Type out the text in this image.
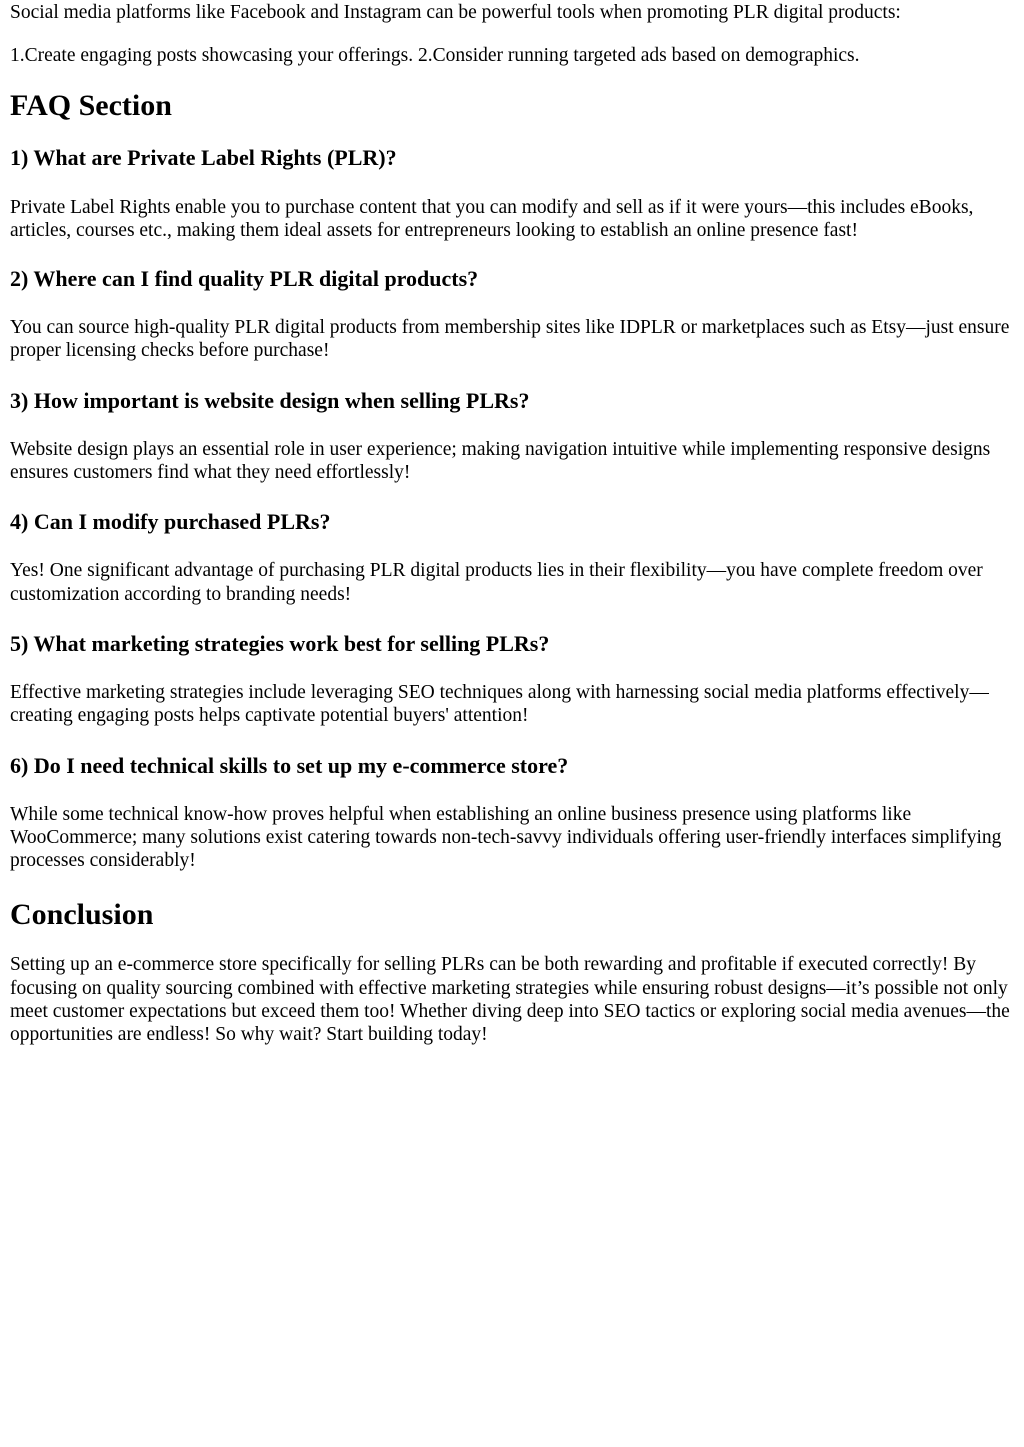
Social media platforms like Facebook and Instagram can be powerful tools when promoting PLR digital products:

1.Create engaging posts showcasing your offerings. 2.Consider running targeted ads based on demographics.

FAQ Section
1) What are Private Label Rights (PLR)?

Private Label Rights enable you to purchase content that you can modify and sell as if it were yours—this includes eBooks, articles, courses etc., making them ideal assets for entrepreneurs looking to establish an online presence fast!

2) Where can I find quality PLR digital products?

You can source high-quality PLR digital products from membership sites like IDPLR or marketplaces such as Etsy—just ensure proper licensing checks before purchase!

3) How important is website design when selling PLRs?

Website design plays an essential role in user experience; making navigation intuitive while implementing responsive designs ensures customers find what they need effortlessly!

4) Can I modify purchased PLRs?

Yes! One significant advantage of purchasing PLR digital products lies in their flexibility—you have complete freedom over customization according to branding needs!

5) What marketing strategies work best for selling PLRs?

Effective marketing strategies include leveraging SEO techniques along with harnessing social media platforms effectively—creating engaging posts helps captivate potential buyers' attention!

6) Do I need technical skills to set up my e-commerce store?

While some technical know-how proves helpful when establishing an online business presence using platforms like WooCommerce; many solutions exist catering towards non-tech-savvy individuals offering user-friendly interfaces simplifying processes considerably!

Conclusion

Setting up an e-commerce store specifically for selling PLRs can be both rewarding and profitable if executed correctly! By focusing on quality sourcing combined with effective marketing strategies while ensuring robust designs—it’s possible not only meet customer expectations but exceed them too! Whether diving deep into SEO tactics or exploring social media avenues—the opportunities are endless! So why wait? Start building today!
